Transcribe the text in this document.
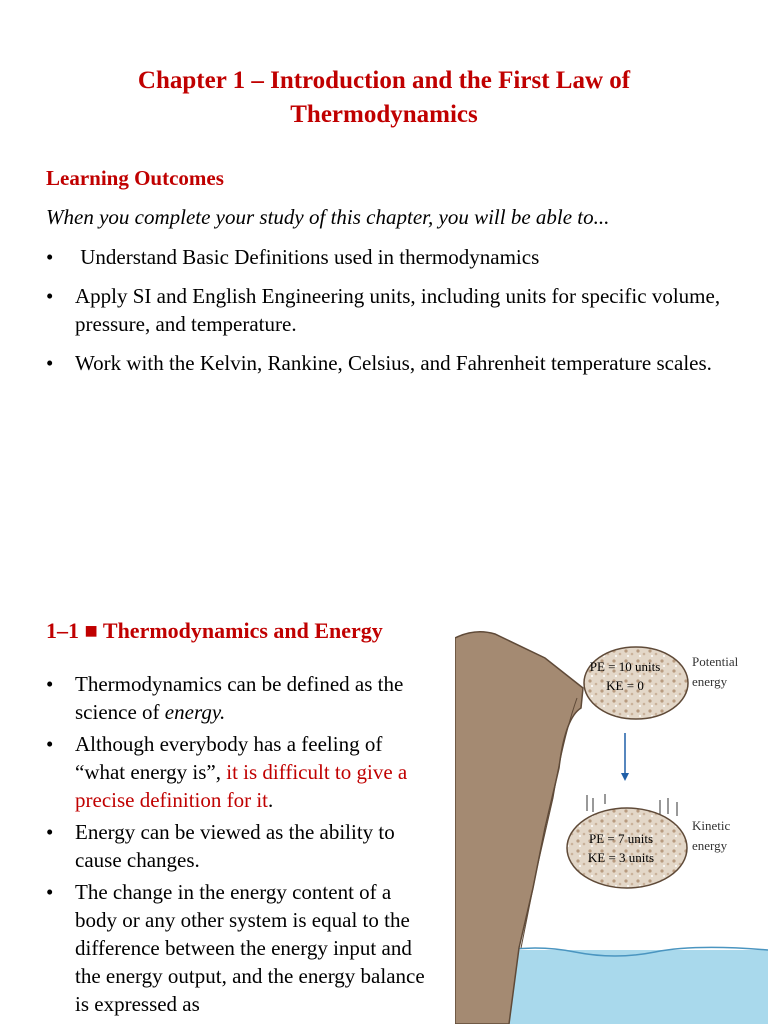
Chapter 1 – Introduction and the First Law of
Thermodynamics
Learning Outcomes
When you complete your study of this chapter, you will be able to...
•	Understand Basic Definitions used in thermodynamics
•	Apply SI and English Engineering units, including units for specific volume, pressure, and temperature.
•	Work with the Kelvin, Rankine, Celsius, and Fahrenheit temperature scales.
1–1 ■ Thermodynamics and Energy
•	Thermodynamics can be defined as the science of energy.
•	Although everybody has a feeling of “what energy is”, it is difficult to give a precise definition for it.
•	Energy can be viewed as the ability to cause changes.
•	The change in the energy content of a body or any other system is equal to the difference between the energy input and the energy output, and the energy balance is expressed as
PE = 10 units
KE = 0
Potential
energy
PE = 7 units
KE = 3 units
Kinetic
energy
